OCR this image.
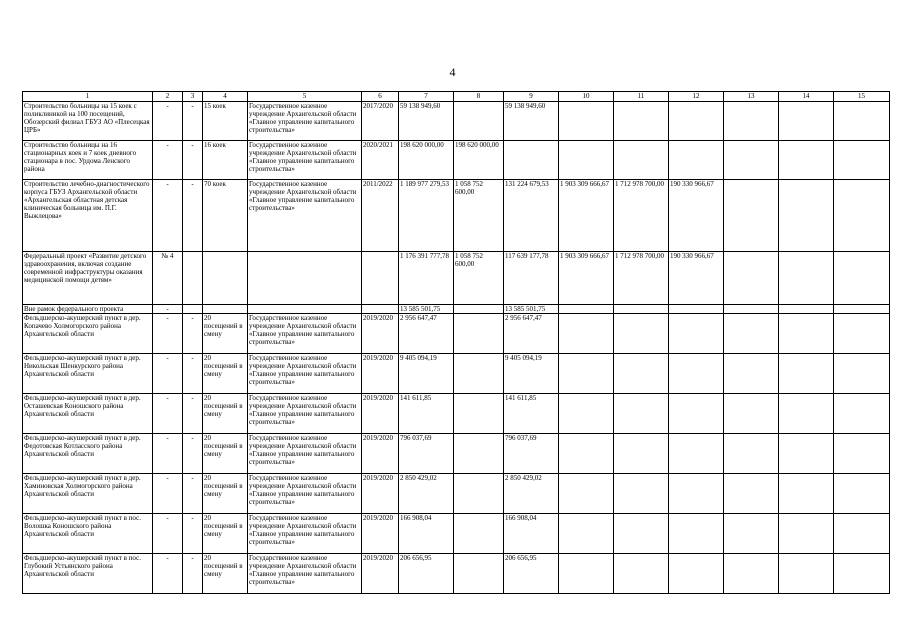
4
1	2	3	4	5	6	7	8	9	10	11	12	13	14	15
Строительство больницы на 15 коек с поликлиникой на 100 посещений, Обозерский филиал ГБУЗ АО «Плесецкая ЦРБ»	-	-	15 коек	Государственное казенное учреждение Архангельской области «Главное управление капитального строительства»	2017/2020	59 138 949,60		59 138 949,60						
Строительство больницы на 16 стационарных коек и 7 коек дневного стационара в пос. Урдома Ленского района	-	-	16 коек	Государственное казенное учреждение Архангельской области «Главное управление капитального строительства»	2020/2021	198 620 000,00	198 620 000,00							
Строительство лечебно-диагностического корпуса ГБУЗ Архангельской области «Архангельская областная детская клиническая больница им. П.Г. Выжлецова»	-	-	70 коек	Государственное казенное учреждение Архангельской области «Главное управление капитального строительства»	2011/2022	1 189 977 279,53	1 058 752 600,00	131 224 679,53	1 903 309 666,67	1 712 978 700,00	190 330 966,67			
Федеральный проект «Развитие детского здравоохранения, включая создание современной инфраструктуры оказания медицинской помощи детям»	№ 4					1 176 391 777,78	1 058 752 600,00	117 639 177,78	1 903 309 666,67	1 712 978 700,00	190 330 966,67			
Вне рамок федерального проекта	-					13 585 501,75		13 585 501,75						
Фельдшерско-акушерский пункт в дер. Копачево Холмогорского района Архангельской области	-	-	20 посещений в смену	Государственное казенное учреждение Архангельской области «Главное управление капитального строительства»	2019/2020	2 956 647,47		2 956 647,47						
Фельдшерско-акушерский пункт в дер. Никольская Шенкурского района Архангельской области	-	-	20 посещений в смену	Государственное казенное учреждение Архангельской области «Главное управление капитального строительства»	2019/2020	9 405 094,19		9 405 094,19						
Фельдшерско-акушерский пункт в дер. Осташевская Коношского района Архангельской области	-	-	20 посещений в смену	Государственное казенное учреждение Архангельской области «Главное управление капитального строительства»	2019/2020	141 611,85		141 611,85						
Фельдшерско-акушерский пункт в дер. Федотовская Котласского района Архангельской области	-	-	20 посещений в смену	Государственное казенное учреждение Архангельской области «Главное управление капитального строительства»	2019/2020	796 037,69		796 037,69						
Фельдшерско-акушерский пункт в дер. Хаминовская Холмогорского района Архангельской области	-	-	20 посещений в смену	Государственное казенное учреждение Архангельской области «Главное управление капитального строительства»	2019/2020	2 850 429,02		2 850 429,02						
Фельдшерско-акушерский пункт в пос. Волошка Коношского района Архангельской области	-	-	20 посещений в смену	Государственное казенное учреждение Архангельской области «Главное управление капитального строительства»	2019/2020	166 908,04		166 908,04						
Фельдшерско-акушерский пункт в пос. Глубокий Устьянского района Архангельской области	-	-	20 посещений в смену	Государственное казенное учреждение Архангельской области «Главное управление капитального строительства»	2019/2020	206 656,95		206 656,95						
